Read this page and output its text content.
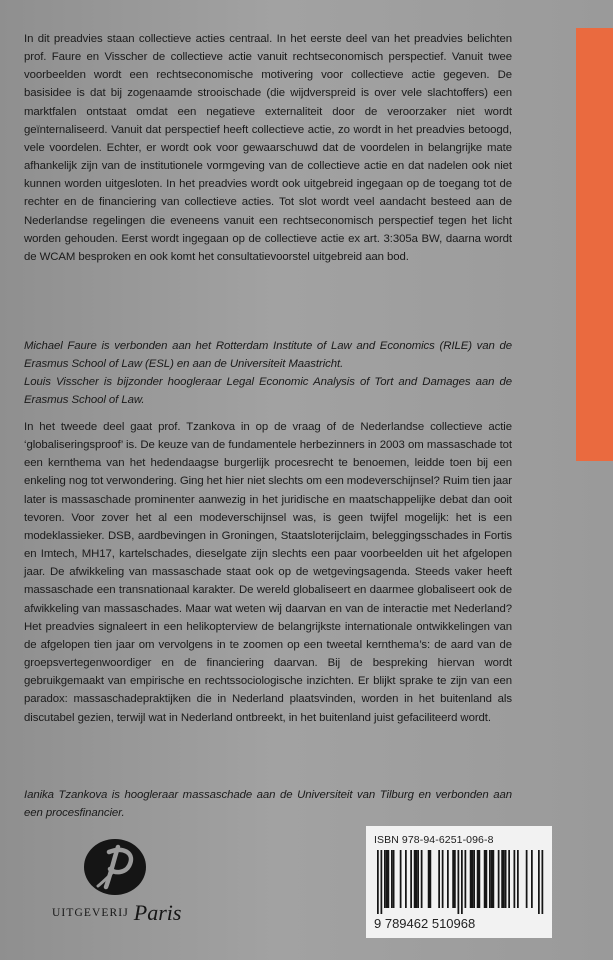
In dit preadvies staan collectieve acties centraal. In het eerste deel van het preadvies belichten prof. Faure en Visscher de collectieve actie vanuit rechtseconomisch perspectief. Vanuit twee voorbeelden wordt een rechtseconomische motivering voor collectieve actie gegeven. De basisidee is dat bij zogenaamde strooischade (die wijdverspreid is over vele slachtoffers) een marktfalen ontstaat omdat een negatieve externaliteit door de veroorzaker niet wordt geïnternaliseerd. Vanuit dat perspectief heeft collectieve actie, zo wordt in het preadvies betoogd, vele voordelen. Echter, er wordt ook voor gewaarschuwd dat de voordelen in belangrijke mate afhankelijk zijn van de institutionele vormgeving van de collectieve actie en dat nadelen ook niet kunnen worden uitgesloten. In het preadvies wordt ook uitgebreid ingegaan op de toegang tot de rechter en de financiering van collectieve acties. Tot slot wordt veel aandacht besteed aan de Nederlandse regelingen die eveneens vanuit een rechtseconomisch perspectief tegen het licht worden gehouden. Eerst wordt ingegaan op de collectieve actie ex art. 3:305a BW, daarna wordt de WCAM besproken en ook komt het consultatievoorstel uitgebreid aan bod.

Michael Faure is verbonden aan het Rotterdam Institute of Law and Economics (RILE) van de Erasmus School of Law (ESL) en aan de Universiteit Maastricht.
Louis Visscher is bijzonder hoogleraar Legal Economic Analysis of Tort and Damages aan de Erasmus School of Law.

In het tweede deel gaat prof. Tzankova in op de vraag of de Nederlandse collectieve actie ‘globaliseringsproof’ is. De keuze van de fundamentele herbezinners in 2003 om massaschade tot een kernthema van het hedendaagse burgerlijk procesrecht te benoemen, leidde toen bij een enkeling nog tot verwondering. Ging het hier niet slechts om een modeverschijnsel? Ruim tien jaar later is massaschade prominenter aanwezig in het juridische en maatschappelijke debat dan ooit tevoren. Voor zover het al een modeverschijnsel was, is geen twijfel mogelijk: het is een modeklassieker. DSB, aardbevingen in Groningen, Staatsloterijclaim, beleggingsschades in Fortis en Imtech, MH17, kartelschades, dieselgate zijn slechts een paar voorbeelden uit het afgelopen jaar. De afwikkeling van massaschade staat ook op de wetgevingsagenda. Steeds vaker heeft massaschade een transnationaal karakter. De wereld globaliseert en daarmee globaliseert ook de afwikkeling van massaschades. Maar wat weten wij daarvan en van de interactie met Nederland? Het preadvies signaleert in een helikopterview de belangrijkste internationale ontwikkelingen van de afgelopen tien jaar om vervolgens in te zoomen op een tweetal kernthema’s: de aard van de groepsvertegenwoordiger en de financiering daarvan. Bij de bespreking hiervan wordt gebruikgemaakt van empirische en rechtssociologische inzichten. Er blijkt sprake te zijn van een paradox: massaschadepraktijken die in Nederland plaatsvinden, worden in het buitenland als discutabel gezien, terwijl wat in Nederland ontbreekt, in het buitenland juist gefaciliteerd wordt.

Ianika Tzankova is hoogleraar massaschade aan de Universiteit van Tilburg en verbonden aan een procesfinancier.

UITGEVERIJ Paris
ISBN 978-94-6251-096-8
9 789462 510968
